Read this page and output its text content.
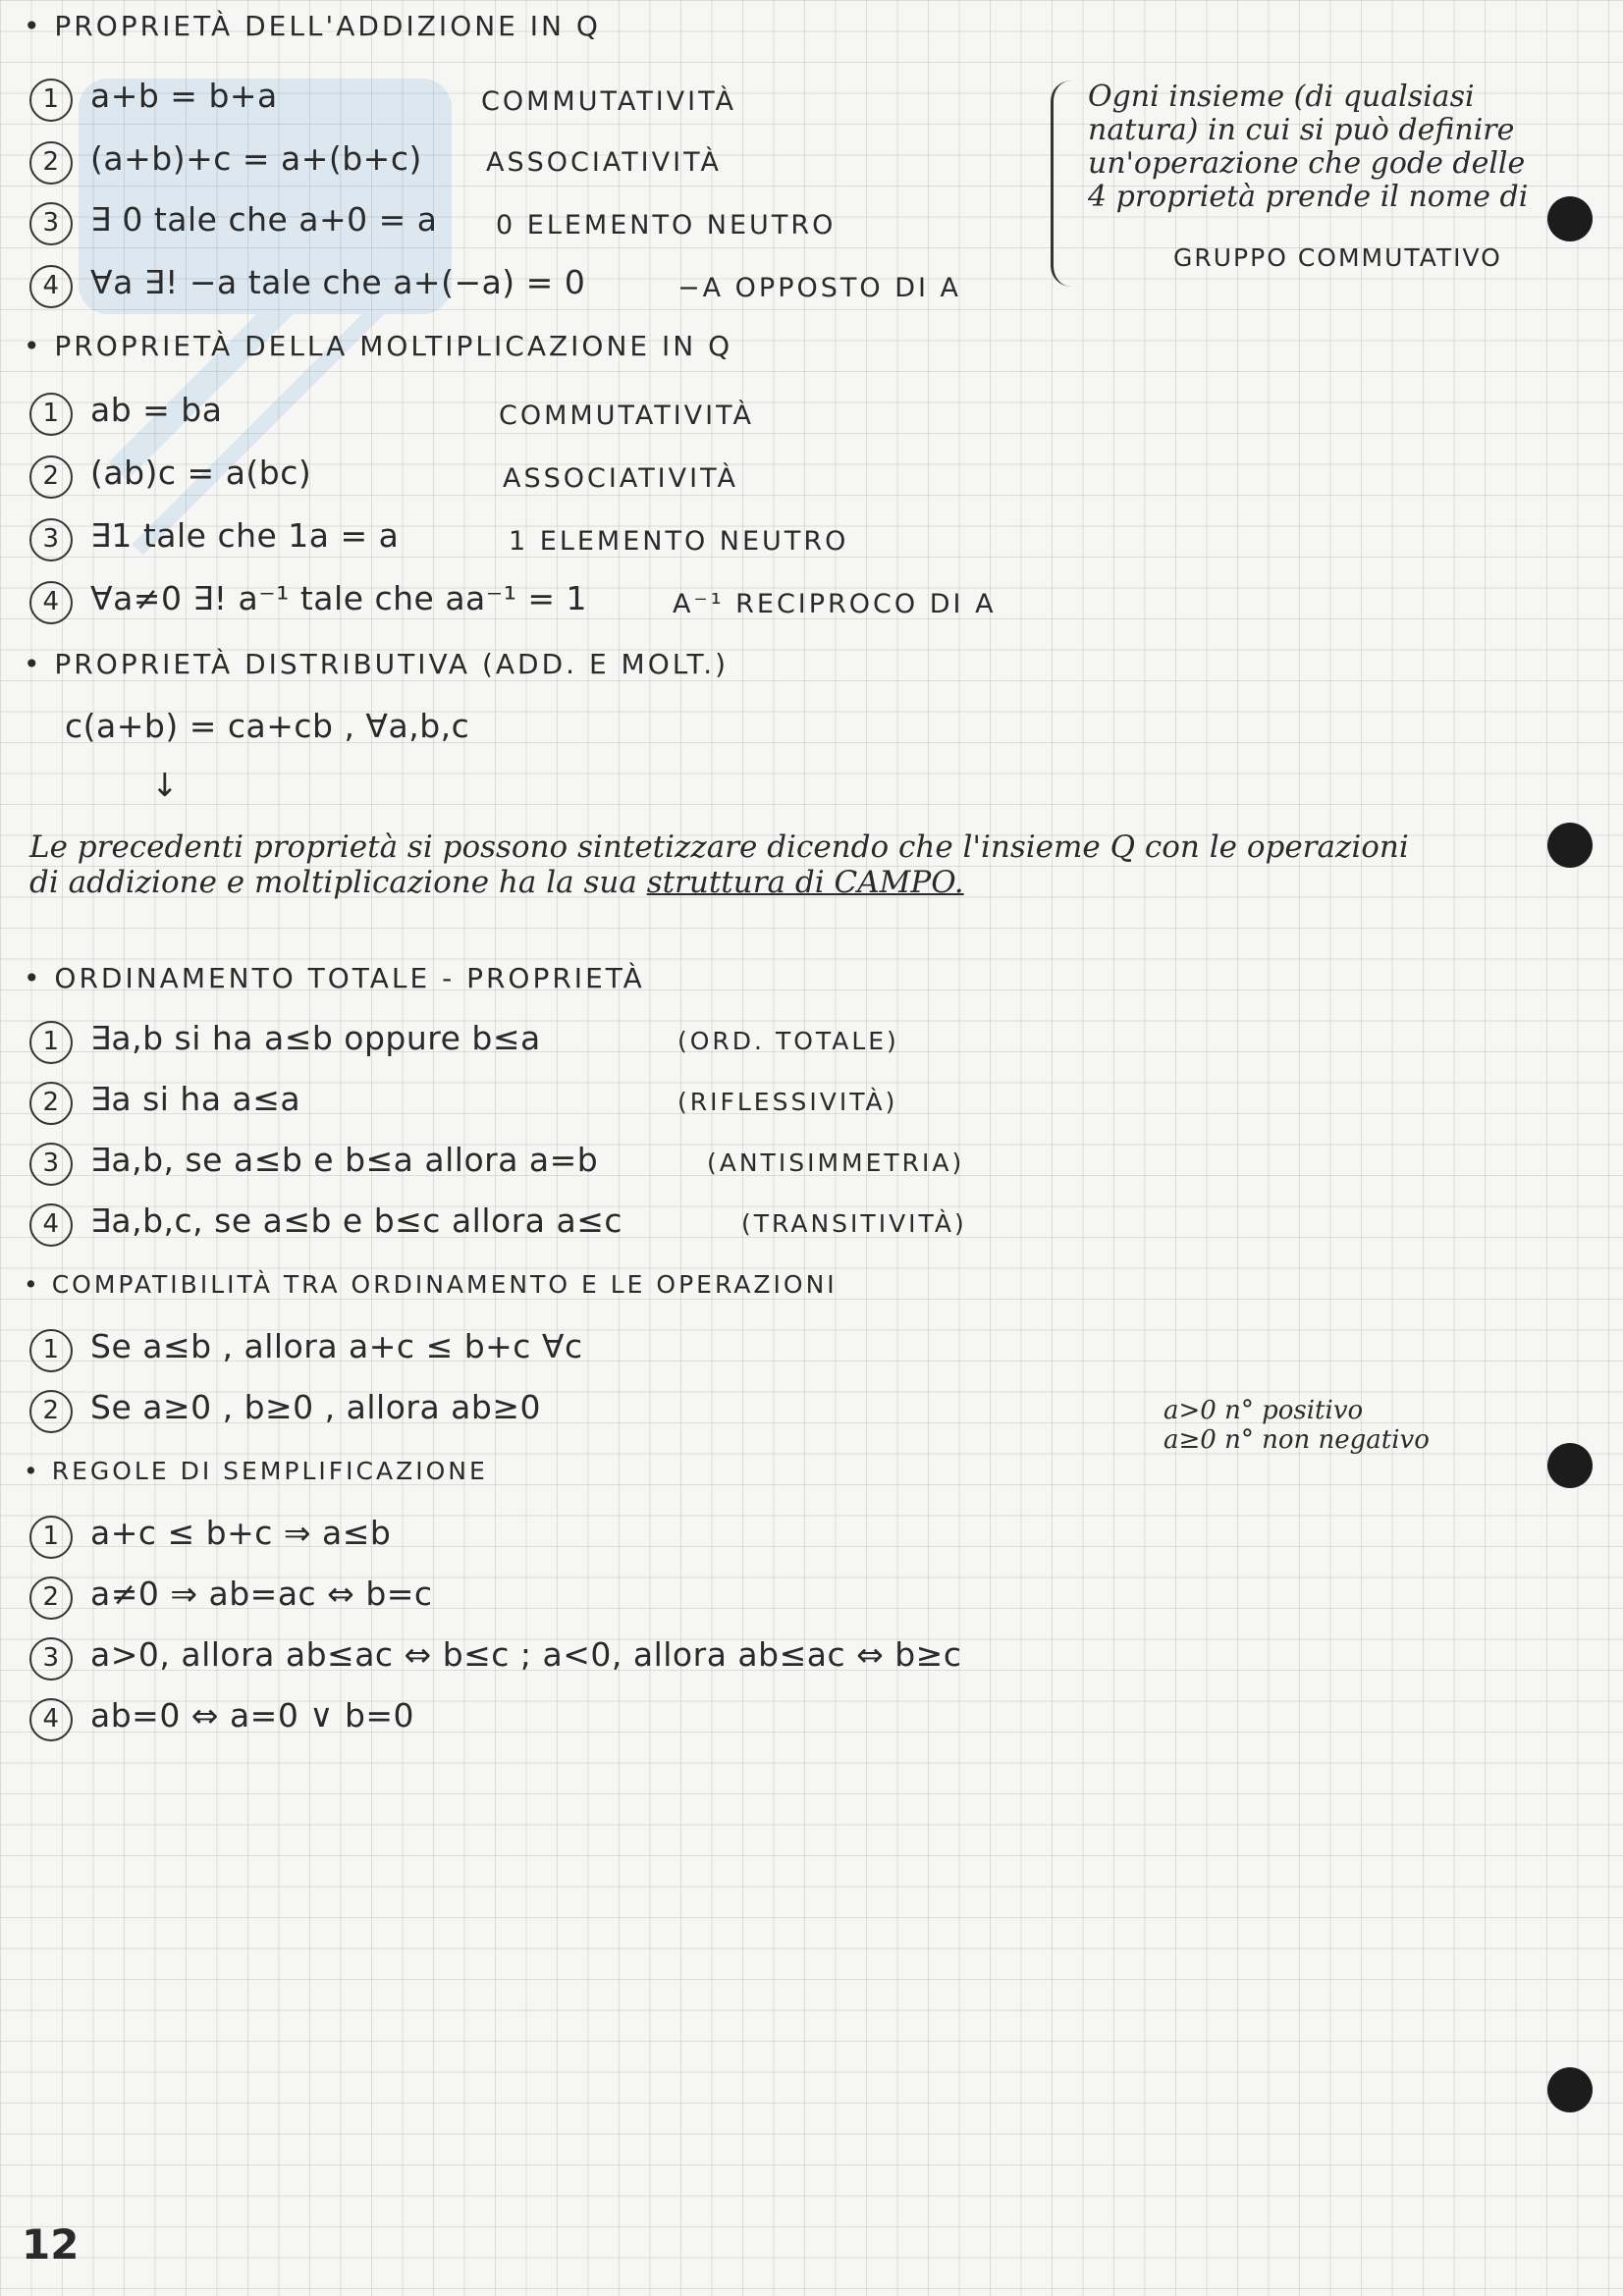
• PROPRIETÀ DELL'ADDIZIONE IN Q
1 a+b = b+a	COMMUTATIVITÀ
2 (a+b)+c = a+(b+c) ASSOCIATIVITÀ
3 ∃ 0 tale che a+0 = a 0 ELEMENTO NEUTRO
4 ∀a ∃! −a tale che a+(−a) = 0	−A OPPOSTO DI A
Ogni insieme (di qualsiasi
natura) in cui si può definire
un'operazione che gode delle
4 proprietà prende il nome di
GRUPPO COMMUTATIVO
• PROPRIETÀ DELLA MOLTIPLICAZIONE IN Q
1 ab = ba	COMMUTATIVITÀ
2 (ab)c = a(bc)	ASSOCIATIVITÀ
3 ∃1 tale che 1a = a	1 ELEMENTO NEUTRO
4 ∀a≠0 ∃! a⁻¹ tale che aa⁻¹ = 1	A⁻¹ RECIPROCO DI A
• PROPRIETÀ DISTRIBUTIVA (ADD. E MOLT.)
c(a+b) = ca+cb , ∀a,b,c
↓
Le precedenti proprietà si possono sintetizzare dicendo che l'insieme Q con le operazioni
di addizione e moltiplicazione ha la sua struttura di CAMPO.
• ORDINAMENTO TOTALE - PROPRIETÀ
1 ∃a,b si ha a≤b oppure b≤a	(ORD. TOTALE)
2 ∃a si ha a≤a	(RIFLESSIVITÀ)
3 ∃a,b, se a≤b e b≤a allora a=b	(ANTISIMMETRIA)
4 ∃a,b,c, se a≤b e b≤c allora a≤c	(TRANSITIVITÀ)
• COMPATIBILITÀ TRA ORDINAMENTO E LE OPERAZIONI
1 Se a≤b , allora a+c ≤ b+c ∀c
2 Se a≥0 , b≥0 , allora ab≥0	a>0 n° positivo
a≥0 n° non negativo
• REGOLE DI SEMPLIFICAZIONE
1 a+c ≤ b+c ⇒ a≤b
2 a≠0 ⇒ ab=ac ⇔ b=c
3 a>0, allora ab≤ac ⇔ b≤c ; a<0, allora ab≤ac ⇔ b≥c
4 ab=0 ⇔ a=0 ∨ b=0
12
